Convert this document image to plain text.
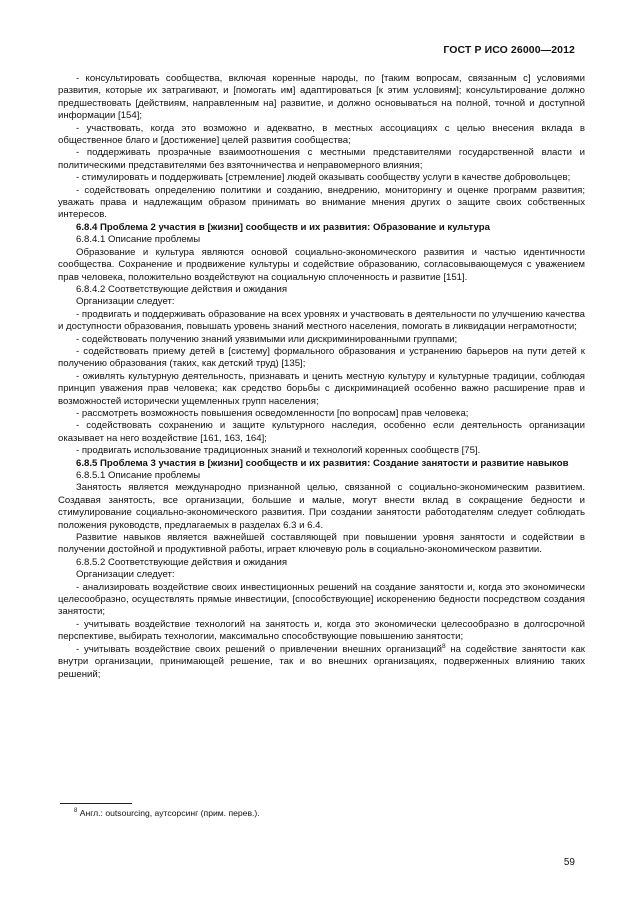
ГОСТ Р ИСО 26000—2012

- консультировать сообщества, включая коренные народы, по [таким вопросам, связанным с] условиями развития, которые их затрагивают, и [помогать им] адаптироваться [к этим условиям]; консультирование должно предшествовать [действиям, направленным на] развитие, и должно основываться на полной, точной и доступной информации [154];

- участвовать, когда это возможно и адекватно, в местных ассоциациях с целью внесения вклада в общественное благо и [достижение] целей развития сообщества;

- поддерживать прозрачные взаимоотношения с местными представителями государственной власти и политическими представителями без взяточничества и неправомерного влияния;

- стимулировать и поддерживать [стремление] людей оказывать сообществу услуги в качестве добровольцев;

- содействовать определению политики и созданию, внедрению, мониторингу и оценке программ развития; уважать права и надлежащим образом принимать во внимание мнения других о защите своих собственных интересов.

6.8.4 Проблема 2 участия в [жизни] сообществ и их развития: Образование и культура

6.8.4.1 Описание проблемы

Образование и культура являются основой социально-экономического развития и частью идентичности сообщества. Сохранение и продвижение культуры и содействие образованию, согласовывающемуся с уважением прав человека, положительно воздействуют на социальную сплоченность и развитие [151].

6.8.4.2 Соответствующие действия и ожидания

Организации следует:

- продвигать и поддерживать образование на всех уровнях и участвовать в деятельности по улучшению качества и доступности образования, повышать уровень знаний местного населения, помогать в ликвидации неграмотности;

- содействовать получению знаний уязвимыми или дискриминированными группами;

- содействовать приему детей в [систему] формального образования и устранению барьеров на пути детей к получению образования (таких, как детский труд) [135];

- оживлять культурную деятельность, признавать и ценить местную культуру и культурные традиции, соблюдая принцип уважения прав человека; как средство борьбы с дискриминацией особенно важно расширение прав и возможностей исторически ущемленных групп населения;

- рассмотреть возможность повышения осведомленности [по вопросам] прав человека;

- содействовать сохранению и защите культурного наследия, особенно если деятельность организации оказывает на него воздействие [161, 163, 164];

- продвигать использование традиционных знаний и технологий коренных сообществ [75].

6.8.5 Проблема 3 участия в [жизни] сообществ и их развития: Создание занятости и развитие навыков

6.8.5.1 Описание проблемы

Занятость является международно признанной целью, связанной с социально-экономическим развитием. Создавая занятость, все организации, большие и малые, могут внести вклад в сокращение бедности и стимулирование социально-экономического развития. При создании занятости работодателям следует соблюдать положения руководств, предлагаемых в разделах 6.3 и 6.4.

Развитие навыков является важнейшей составляющей при повышении уровня занятости и содействии в получении достойной и продуктивной работы, играет ключевую роль в социально-экономическом развитии.

6.8.5.2 Соответствующие действия и ожидания

Организации следует:

- анализировать воздействие своих инвестиционных решений на создание занятости и, когда это экономически целесообразно, осуществлять прямые инвестиции, [способствующие] искоренению бедности посредством создания занятости;

- учитывать воздействие технологий на занятость и, когда это экономически целесообразно в долгосрочной перспективе, выбирать технологии, максимально способствующие повышению занятости;

- учитывать воздействие своих решений о привлечении внешних организаций$^8$ на содействие занятости как внутри организации, принимающей решение, так и во внешних организациях, подверженных влиянию таких решений;

$^8$ Англ.: outsourcing, аутсорсинг (прим. перев.).
59
